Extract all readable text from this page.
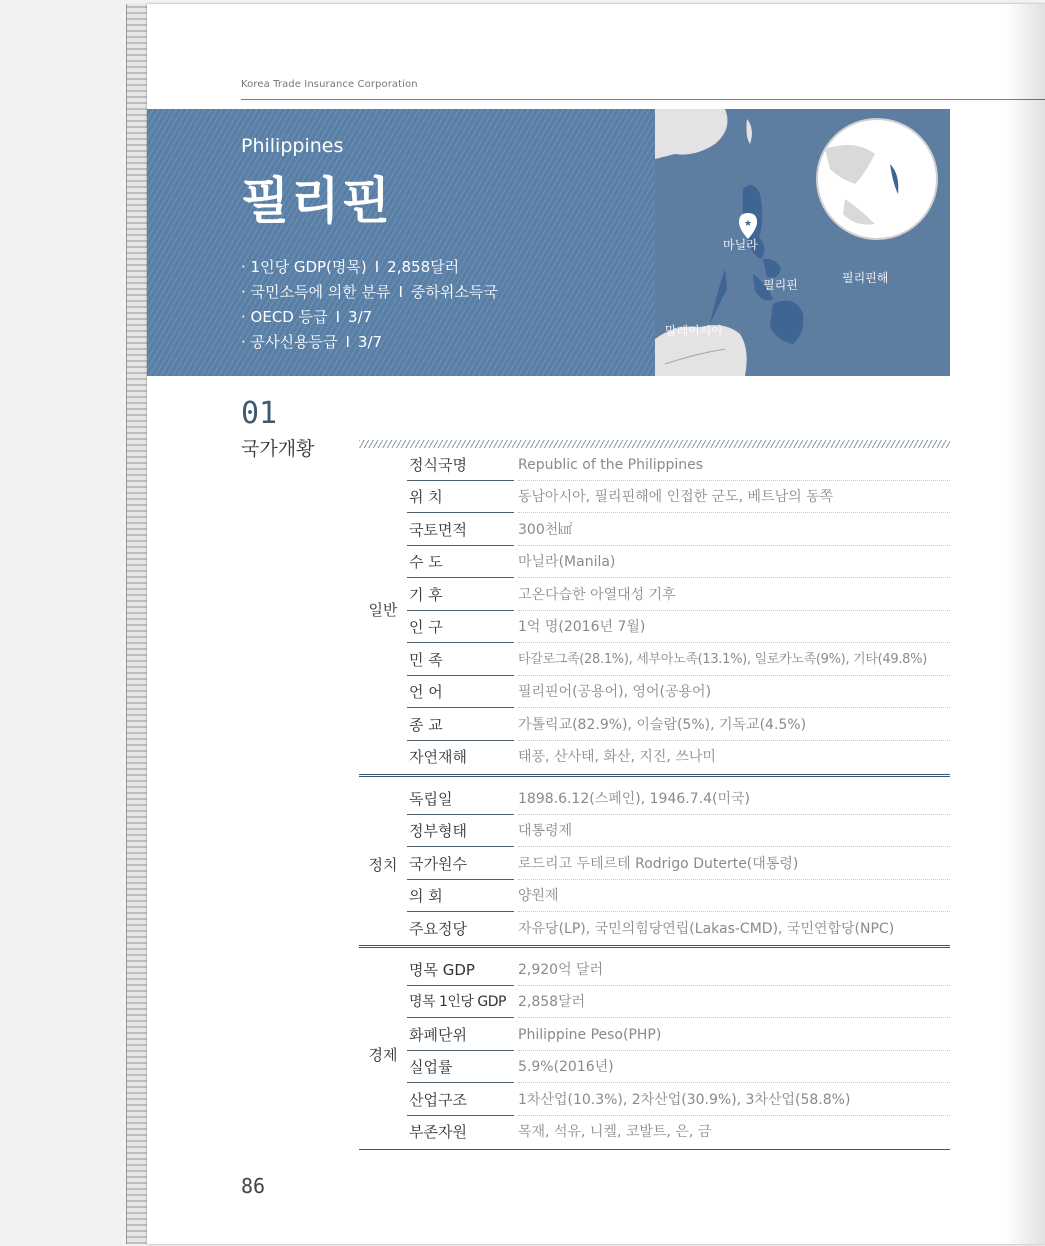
Korea Trade Insurance Corporation
Philippines
필리핀
· 1인당 GDP(명목) I 2,858달러
· 국민소득에 의한 분류 I 중하위소득국
· OECD 등급 I 3/7
· 공사신용등급 I 3/7
★
마닐라
필리핀	필리핀해
말레이시아
01
국가개황
일반
정식국명	Republic of the Philippines
위 치	동남아시아, 필리핀해에 인접한 군도, 베트남의 동쪽
국토면적	300천㎢
수 도	마닐라(Manila)
기 후	고온다습한 아열대성 기후
인 구	1억 명(2016년 7월)
민 족	타갈로그족(28.1%), 세부아노족(13.1%), 일로카노족(9%), 기타(49.8%)
언 어	필리핀어(공용어), 영어(공용어)
종 교	가톨릭교(82.9%), 이슬람(5%), 기독교(4.5%)
자연재해	태풍, 산사태, 화산, 지진, 쓰나미
정치
독립일	1898.6.12(스페인), 1946.7.4(미국)
정부형태	대통령제
국가원수	로드리고 두테르테 Rodrigo Duterte(대통령)
의 회	양원제
주요정당	자유당(LP), 국민의힘당연립(Lakas-CMD), 국민연합당(NPC)
경제
명목 GDP	2,920억 달러
명목 1인당 GDP 2,858달러
화폐단위	Philippine Peso(PHP)
실업률	5.9%(2016년)
산업구조	1차산업(10.3%), 2차산업(30.9%), 3차산업(58.8%)
부존자원	목재, 석유, 니켈, 코발트, 은, 금
86
